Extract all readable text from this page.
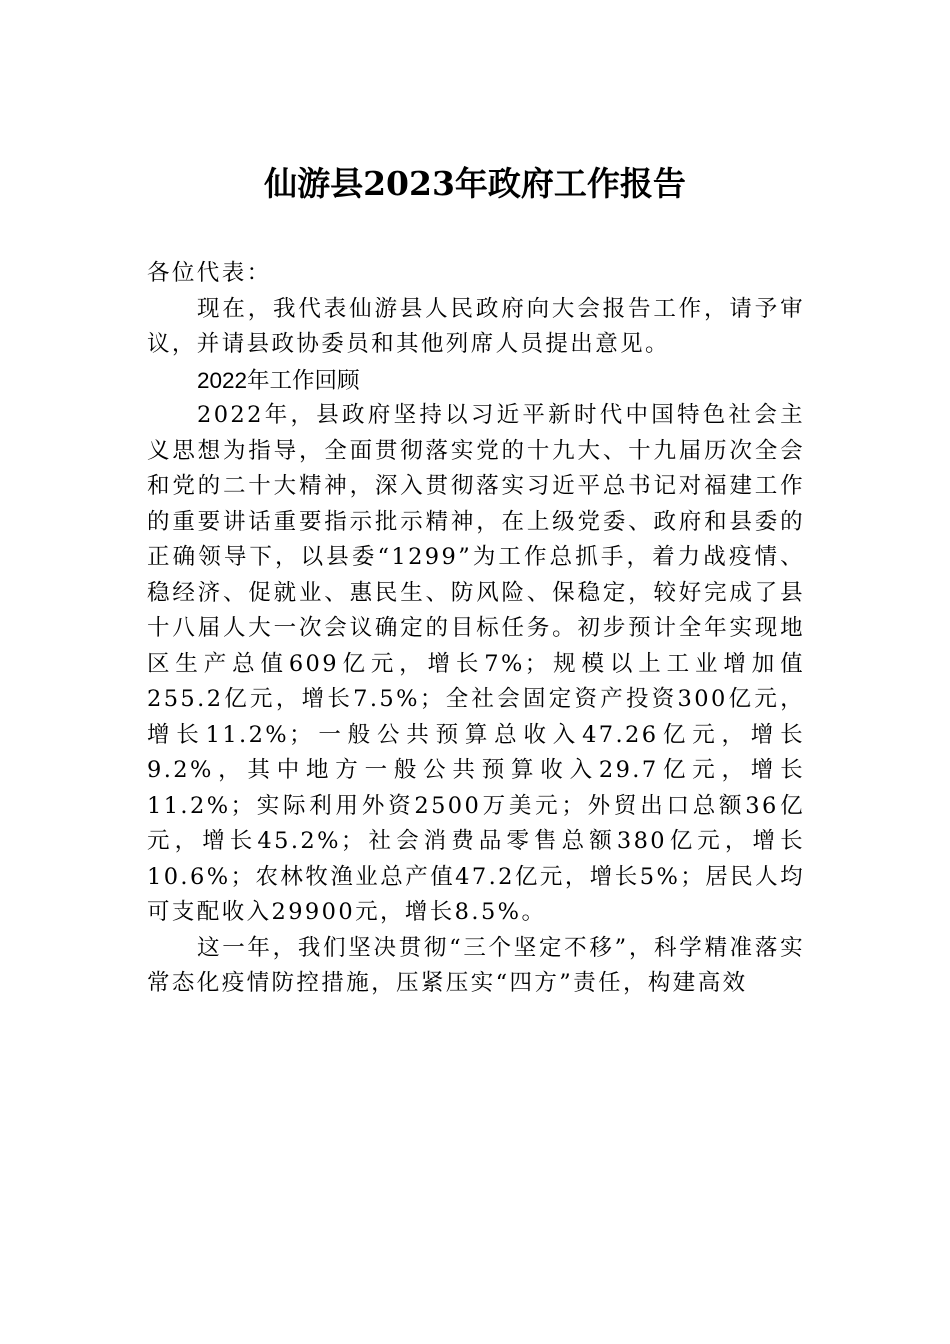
仙游县2023年政府工作报告

各位代表：

现在，我代表仙游县人民政府向大会报告工作，请予审议，并请县政协委员和其他列席人员提出意见。

2022年工作回顾

2022年，县政府坚持以习近平新时代中国特色社会主义思想为指导，全面贯彻落实党的十九大、十九届历次全会和党的二十大精神，深入贯彻落实习近平总书记对福建工作的重要讲话重要指示批示精神，在上级党委、政府和县委的正确领导下，以县委“1299”为工作总抓手，着力战疫情、稳经济、促就业、惠民生、防风险、保稳定，较好完成了县十八届人大一次会议确定的目标任务。初步预计全年实现地区生产总值609亿元，增长7%；规模以上工业增加值255.2亿元，增长7.5%；全社会固定资产投资300亿元，增长11.2%；一般公共预算总收入47.26亿元，增长9.2%，其中地方一般公共预算收入29.7亿元，增长11.2%；实际利用外资2500万美元；外贸出口总额36亿元，增长45.2%；社会消费品零售总额380亿元，增长10.6%；农林牧渔业总产值47.2亿元，增长5%；居民人均可支配收入29900元，增长8.5%。

这一年，我们坚决贯彻“三个坚定不移”，科学精准落实常态化疫情防控措施，压紧压实“四方”责任，构建高效
